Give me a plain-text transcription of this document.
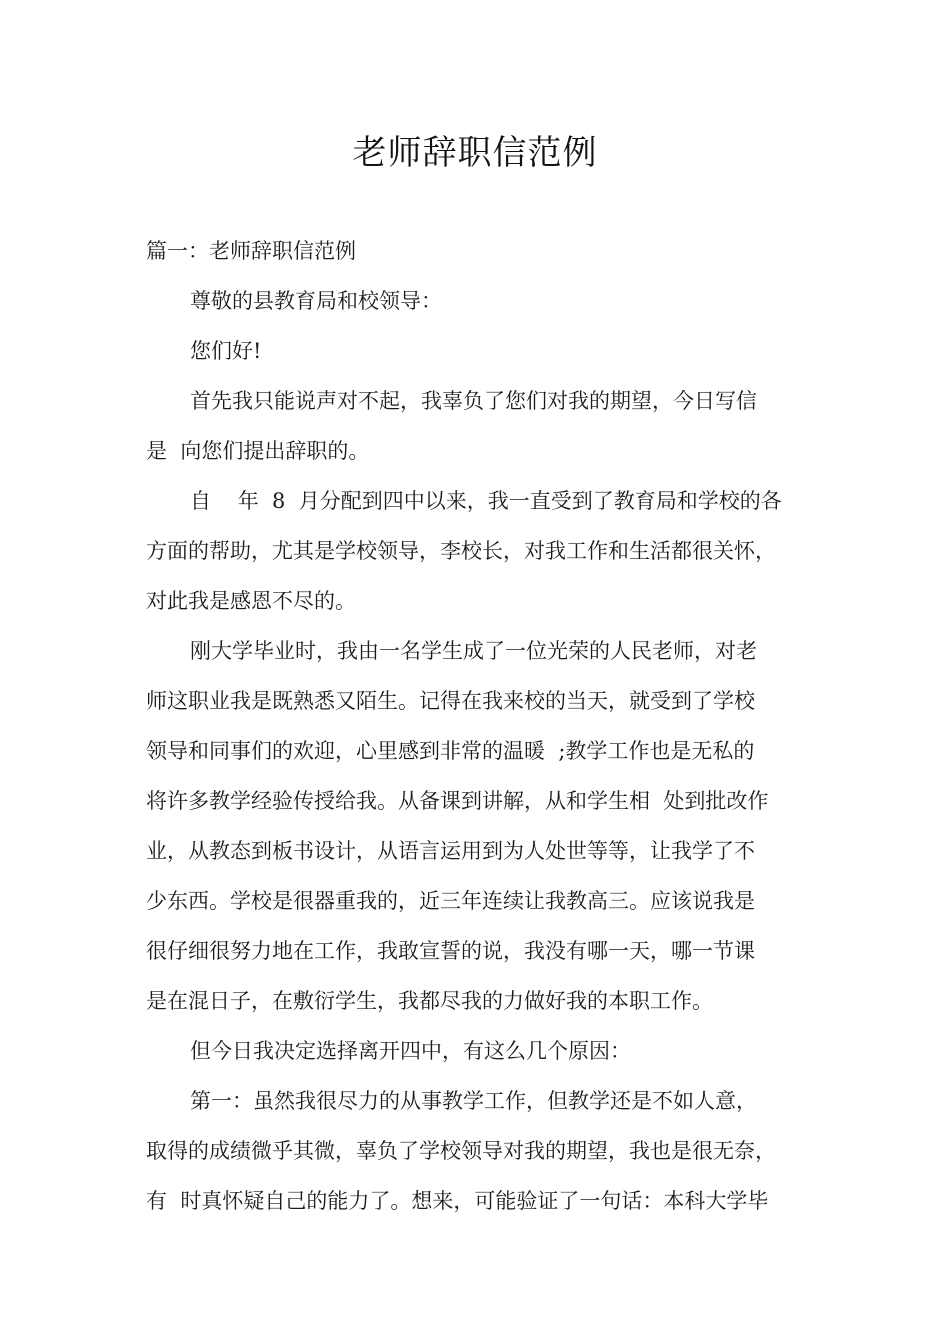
老师辞职信范例
篇一：老师辞职信范例
尊敬的县教育局和校领导：
您们好!
首先我只能说声对不起，我辜负了您们对我的期望，今日写信
是  向您们提出辞职的。
自    年  8  月分配到四中以来，我一直受到了教育局和学校的各
方面的帮助，尤其是学校领导，李校长，对我工作和生活都很关怀，
对此我是感恩不尽的。
刚大学毕业时，我由一名学生成了一位光荣的人民老师，对老
师这职业我是既熟悉又陌生。记得在我来校的当天，就受到了学校
领导和同事们的欢迎，心里感到非常的温暖  ;教学工作也是无私的
将许多教学经验传授给我。从备课到讲解，从和学生相  处到批改作
业，从教态到板书设计，从语言运用到为人处世等等，让我学了不
少东西。学校是很器重我的，近三年连续让我教高三。应该说我是
很仔细很努力地在工作，我敢宣誓的说，我没有哪一天，哪一节课
是在混日子，在敷衍学生，我都尽我的力做好我的本职工作。
但今日我决定选择离开四中，有这么几个原因：
第一：虽然我很尽力的从事教学工作，但教学还是不如人意，
取得的成绩微乎其微，辜负了学校领导对我的期望，我也是很无奈，
有  时真怀疑自己的能力了。想来，可能验证了一句话：本科大学毕
